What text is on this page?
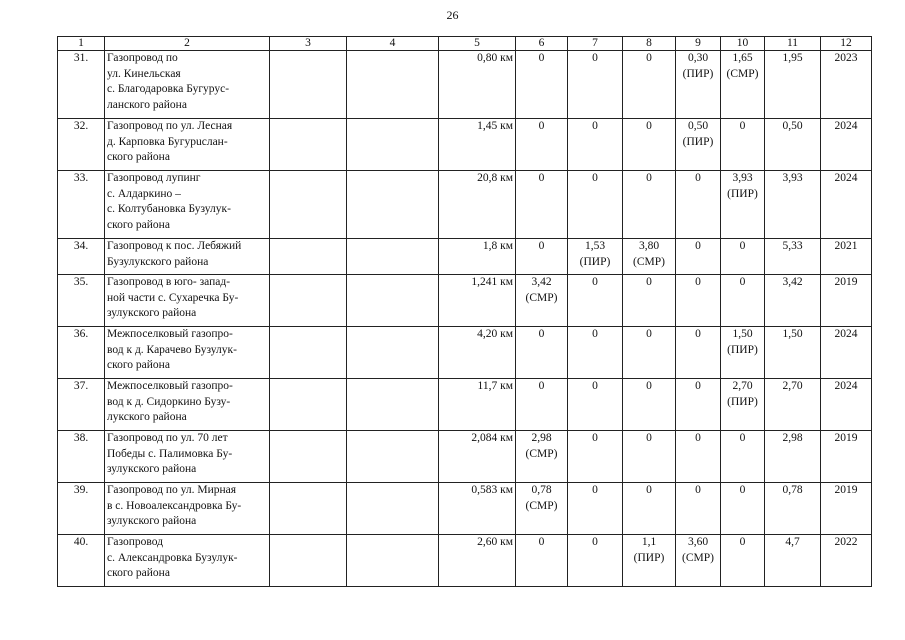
26
1	2	3	4	5	6	7	8	9	10	11	12
31.	Газопровод по
ул. Кинельская
с. Благодаровка Бугурус-
ланского района			0,80 км	0	0	0	0,30
(ПИР)	1,65
(СМР)	1,95	2023
32.	Газопровод по ул. Лесная
д. Карповка Бугурuслан-
ского района			1,45 км	0	0	0	0,50
(ПИР)	0	0,50	2024
33.	Газопровод лупинг
с. Алдаркино –
с. Колтубановка Бузулук-
ского района			20,8 км	0	0	0	0	3,93
(ПИР)	3,93	2024
34.	Газопровод к пос. Лебяжий
Бузулукского района			1,8 км	0	1,53
(ПИР)	3,80
(СМР)	0	0	5,33	2021
35.	Газопровод в юго- запад-
ной части с. Сухаречка Бу-
зулукского района			1,241 км	3,42
(СМР)	0	0	0	0	3,42	2019
36.	Межпоселковый газопро-
вод к д. Карачево Бузулук-
ского района			4,20 км	0	0	0	0	1,50
(ПИР)	1,50	2024
37.	Межпоселковый газопро-
вод к д. Сидоркино Бузу-
лукского района			11,7 км	0	0	0	0	2,70
(ПИР)	2,70	2024
38.	Газопровод по ул. 70 лет
Победы с. Палимовка Бу-
зулукского района			2,084 км	2,98
(СМР)	0	0	0	0	2,98	2019
39.	Газопровод по ул. Мирная
в с. Новоалександровка Бу-
зулукского района			0,583 км	0,78
(СМР)	0	0	0	0	0,78	2019
40.	Газопровод
с. Александровка Бузулук-
ского района			2,60 км	0	0	1,1
(ПИР)	3,60
(СМР)	0	4,7	2022
